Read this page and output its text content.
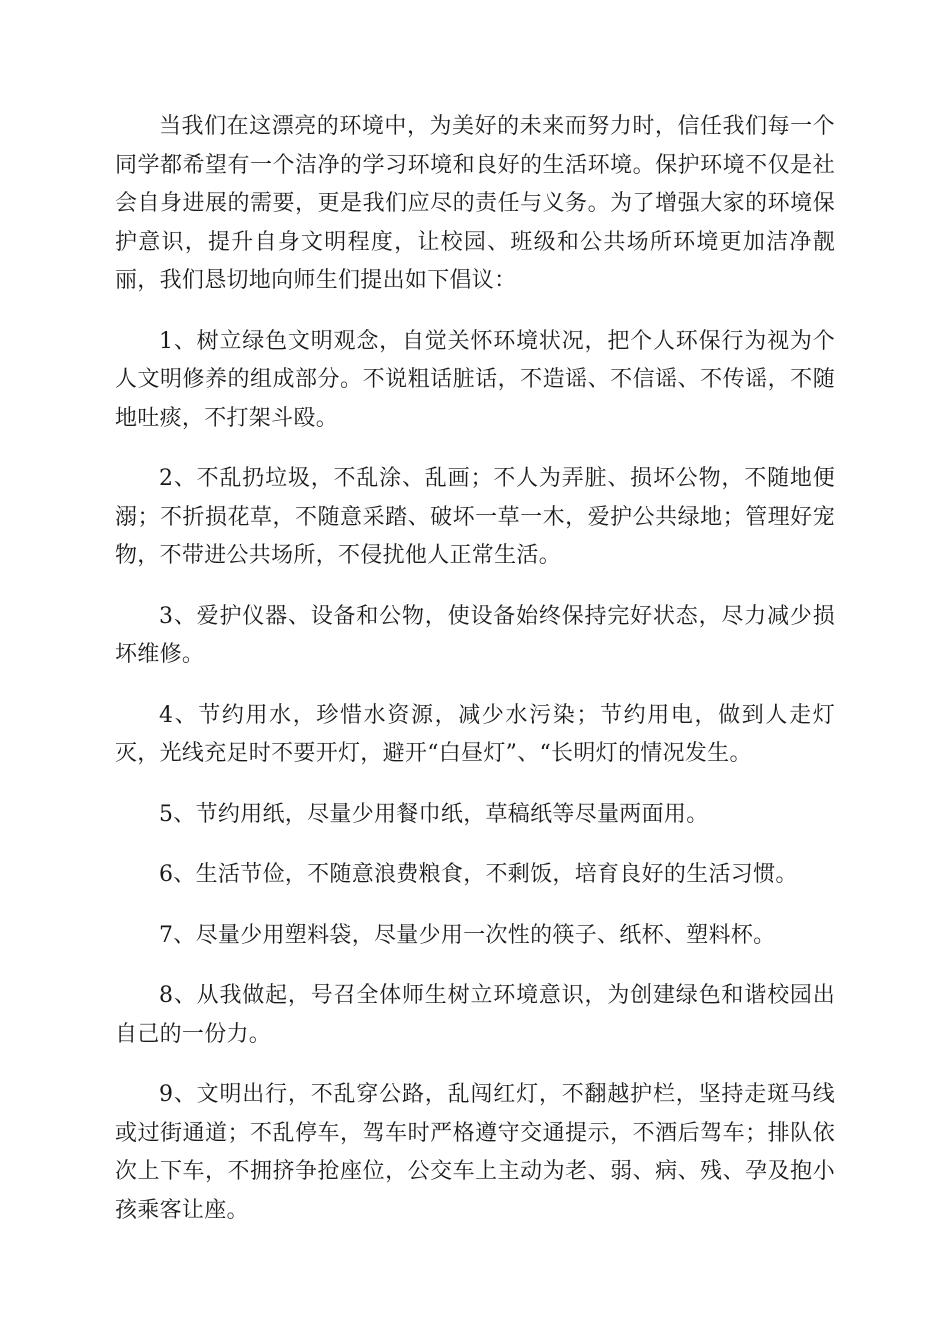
当我们在这漂亮的环境中，为美好的未来而努力时，信任我们每一个同学都希望有一个洁净的学习环境和良好的生活环境。保护环境不仅是社会自身进展的需要，更是我们应尽的责任与义务。为了增强大家的环境保护意识，提升自身文明程度，让校园、班级和公共场所环境更加洁净靓丽，我们恳切地向师生们提出如下倡议：

1、树立绿色文明观念，自觉关怀环境状况，把个人环保行为视为个人文明修养的组成部分。不说粗话脏话，不造谣、不信谣、不传谣，不随地吐痰，不打架斗殴。

2、不乱扔垃圾，不乱涂、乱画；不人为弄脏、损坏公物，不随地便溺；不折损花草，不随意采踏、破坏一草一木，爱护公共绿地；管理好宠物，不带进公共场所，不侵扰他人正常生活。

3、爱护仪器、设备和公物，使设备始终保持完好状态，尽力减少损坏维修。

4、节约用水，珍惜水资源，减少水污染；节约用电，做到人走灯灭，光线充足时不要开灯，避开“白昼灯”、“长明灯的情况发生。

5、节约用纸，尽量少用餐巾纸，草稿纸等尽量两面用。

6、生活节俭，不随意浪费粮食，不剩饭，培育良好的生活习惯。

7、尽量少用塑料袋，尽量少用一次性的筷子、纸杯、塑料杯。

8、从我做起，号召全体师生树立环境意识，为创建绿色和谐校园出自己的一份力。

9、文明出行，不乱穿公路，乱闯红灯，不翻越护栏，坚持走斑马线或过街通道；不乱停车，驾车时严格遵守交通提示，不酒后驾车；排队依次上下车，不拥挤争抢座位，公交车上主动为老、弱、病、残、孕及抱小孩乘客让座。
